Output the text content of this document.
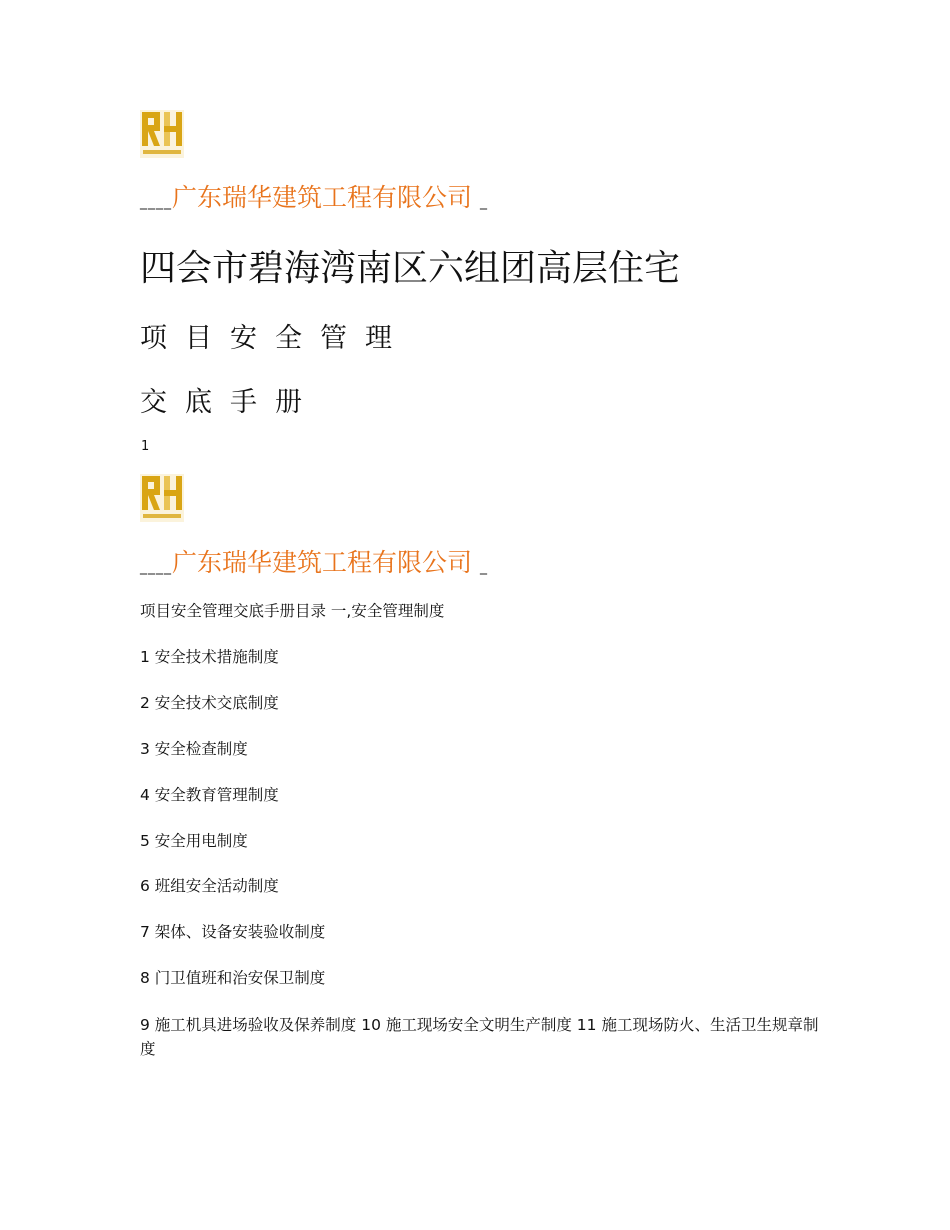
____广东瑞华建筑工程有限公司 _
四会市碧海湾南区六组团高层住宅
项目安全管理
交底手册
1
____广东瑞华建筑工程有限公司 _
项目安全管理交底手册目录 一,安全管理制度
1 安全技术措施制度
2 安全技术交底制度
3 安全检查制度
4 安全教育管理制度
5 安全用电制度
6 班组安全活动制度
7 架体、设备安装验收制度
8 门卫值班和治安保卫制度
9 施工机具进场验收及保养制度 10 施工现场安全文明生产制度 11 施工现场防火、生活卫生规章制度
